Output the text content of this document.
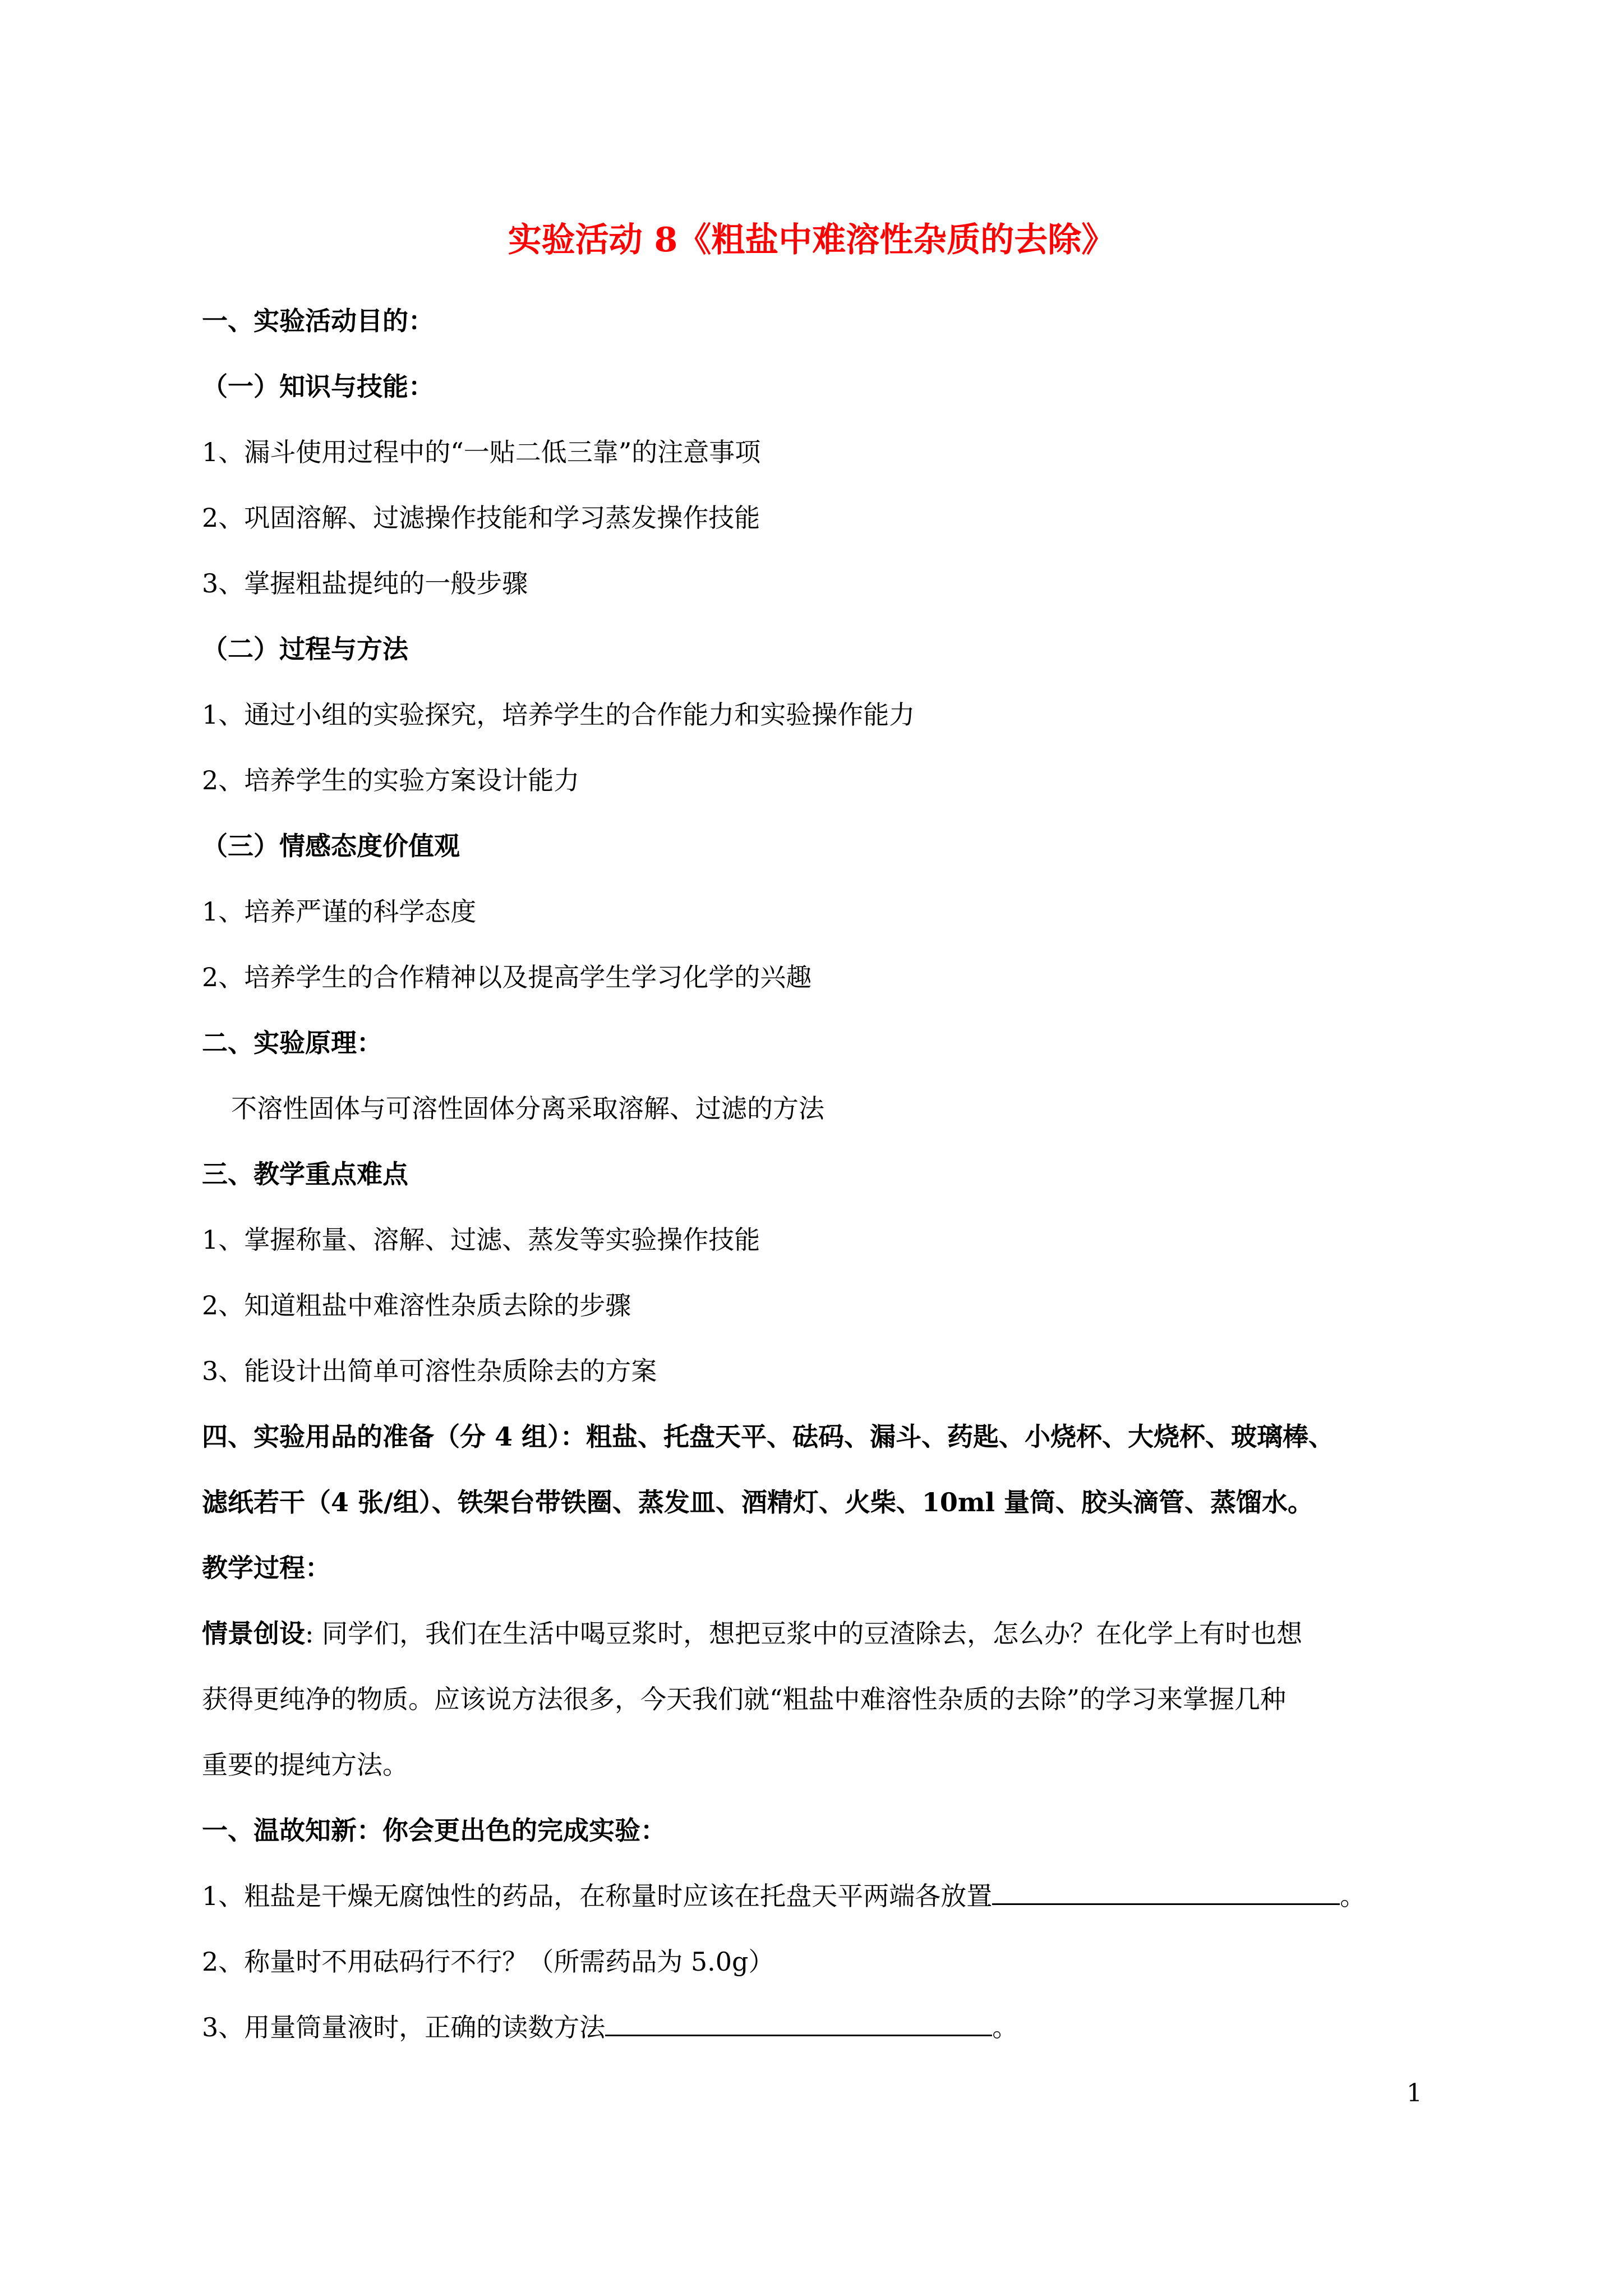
实验活动 8《粗盐中难溶性杂质的去除》
一、实验活动目的：
（一）知识与技能：
1、漏斗使用过程中的“一贴二低三靠”的注意事项
2、巩固溶解、过滤操作技能和学习蒸发操作技能
3、掌握粗盐提纯的一般步骤
（二）过程与方法
1、通过小组的实验探究，培养学生的合作能力和实验操作能力
2、培养学生的实验方案设计能力
（三）情感态度价值观
1、培养严谨的科学态度
2、培养学生的合作精神以及提高学生学习化学的兴趣
二、实验原理：
不溶性固体与可溶性固体分离采取溶解、过滤的方法
三、教学重点难点
1、掌握称量、溶解、过滤、蒸发等实验操作技能
2、知道粗盐中难溶性杂质去除的步骤
3、能设计出简单可溶性杂质除去的方案
四、实验用品的准备（分 4 组）：粗盐、托盘天平、砝码、漏斗、药匙、小烧杯、大烧杯、玻璃棒、
滤纸若干（4 张/组）、铁架台带铁圈、蒸发皿、酒精灯、火柴、10ml 量筒、胶头滴管、蒸馏水。
教学过程：
情景创设: 同学们，我们在生活中喝豆浆时，想把豆浆中的豆渣除去，怎么办？在化学上有时也想
获得更纯净的物质。应该说方法很多，今天我们就“粗盐中难溶性杂质的去除”的学习来掌握几种
重要的提纯方法。
一、温故知新：你会更出色的完成实验：
1、粗盐是干燥无腐蚀性的药品，在称量时应该在托盘天平两端各放置	。
2、称量时不用砝码行不行？（所需药品为 5.0g）
3、用量筒量液时，正确的读数方法	。
1
